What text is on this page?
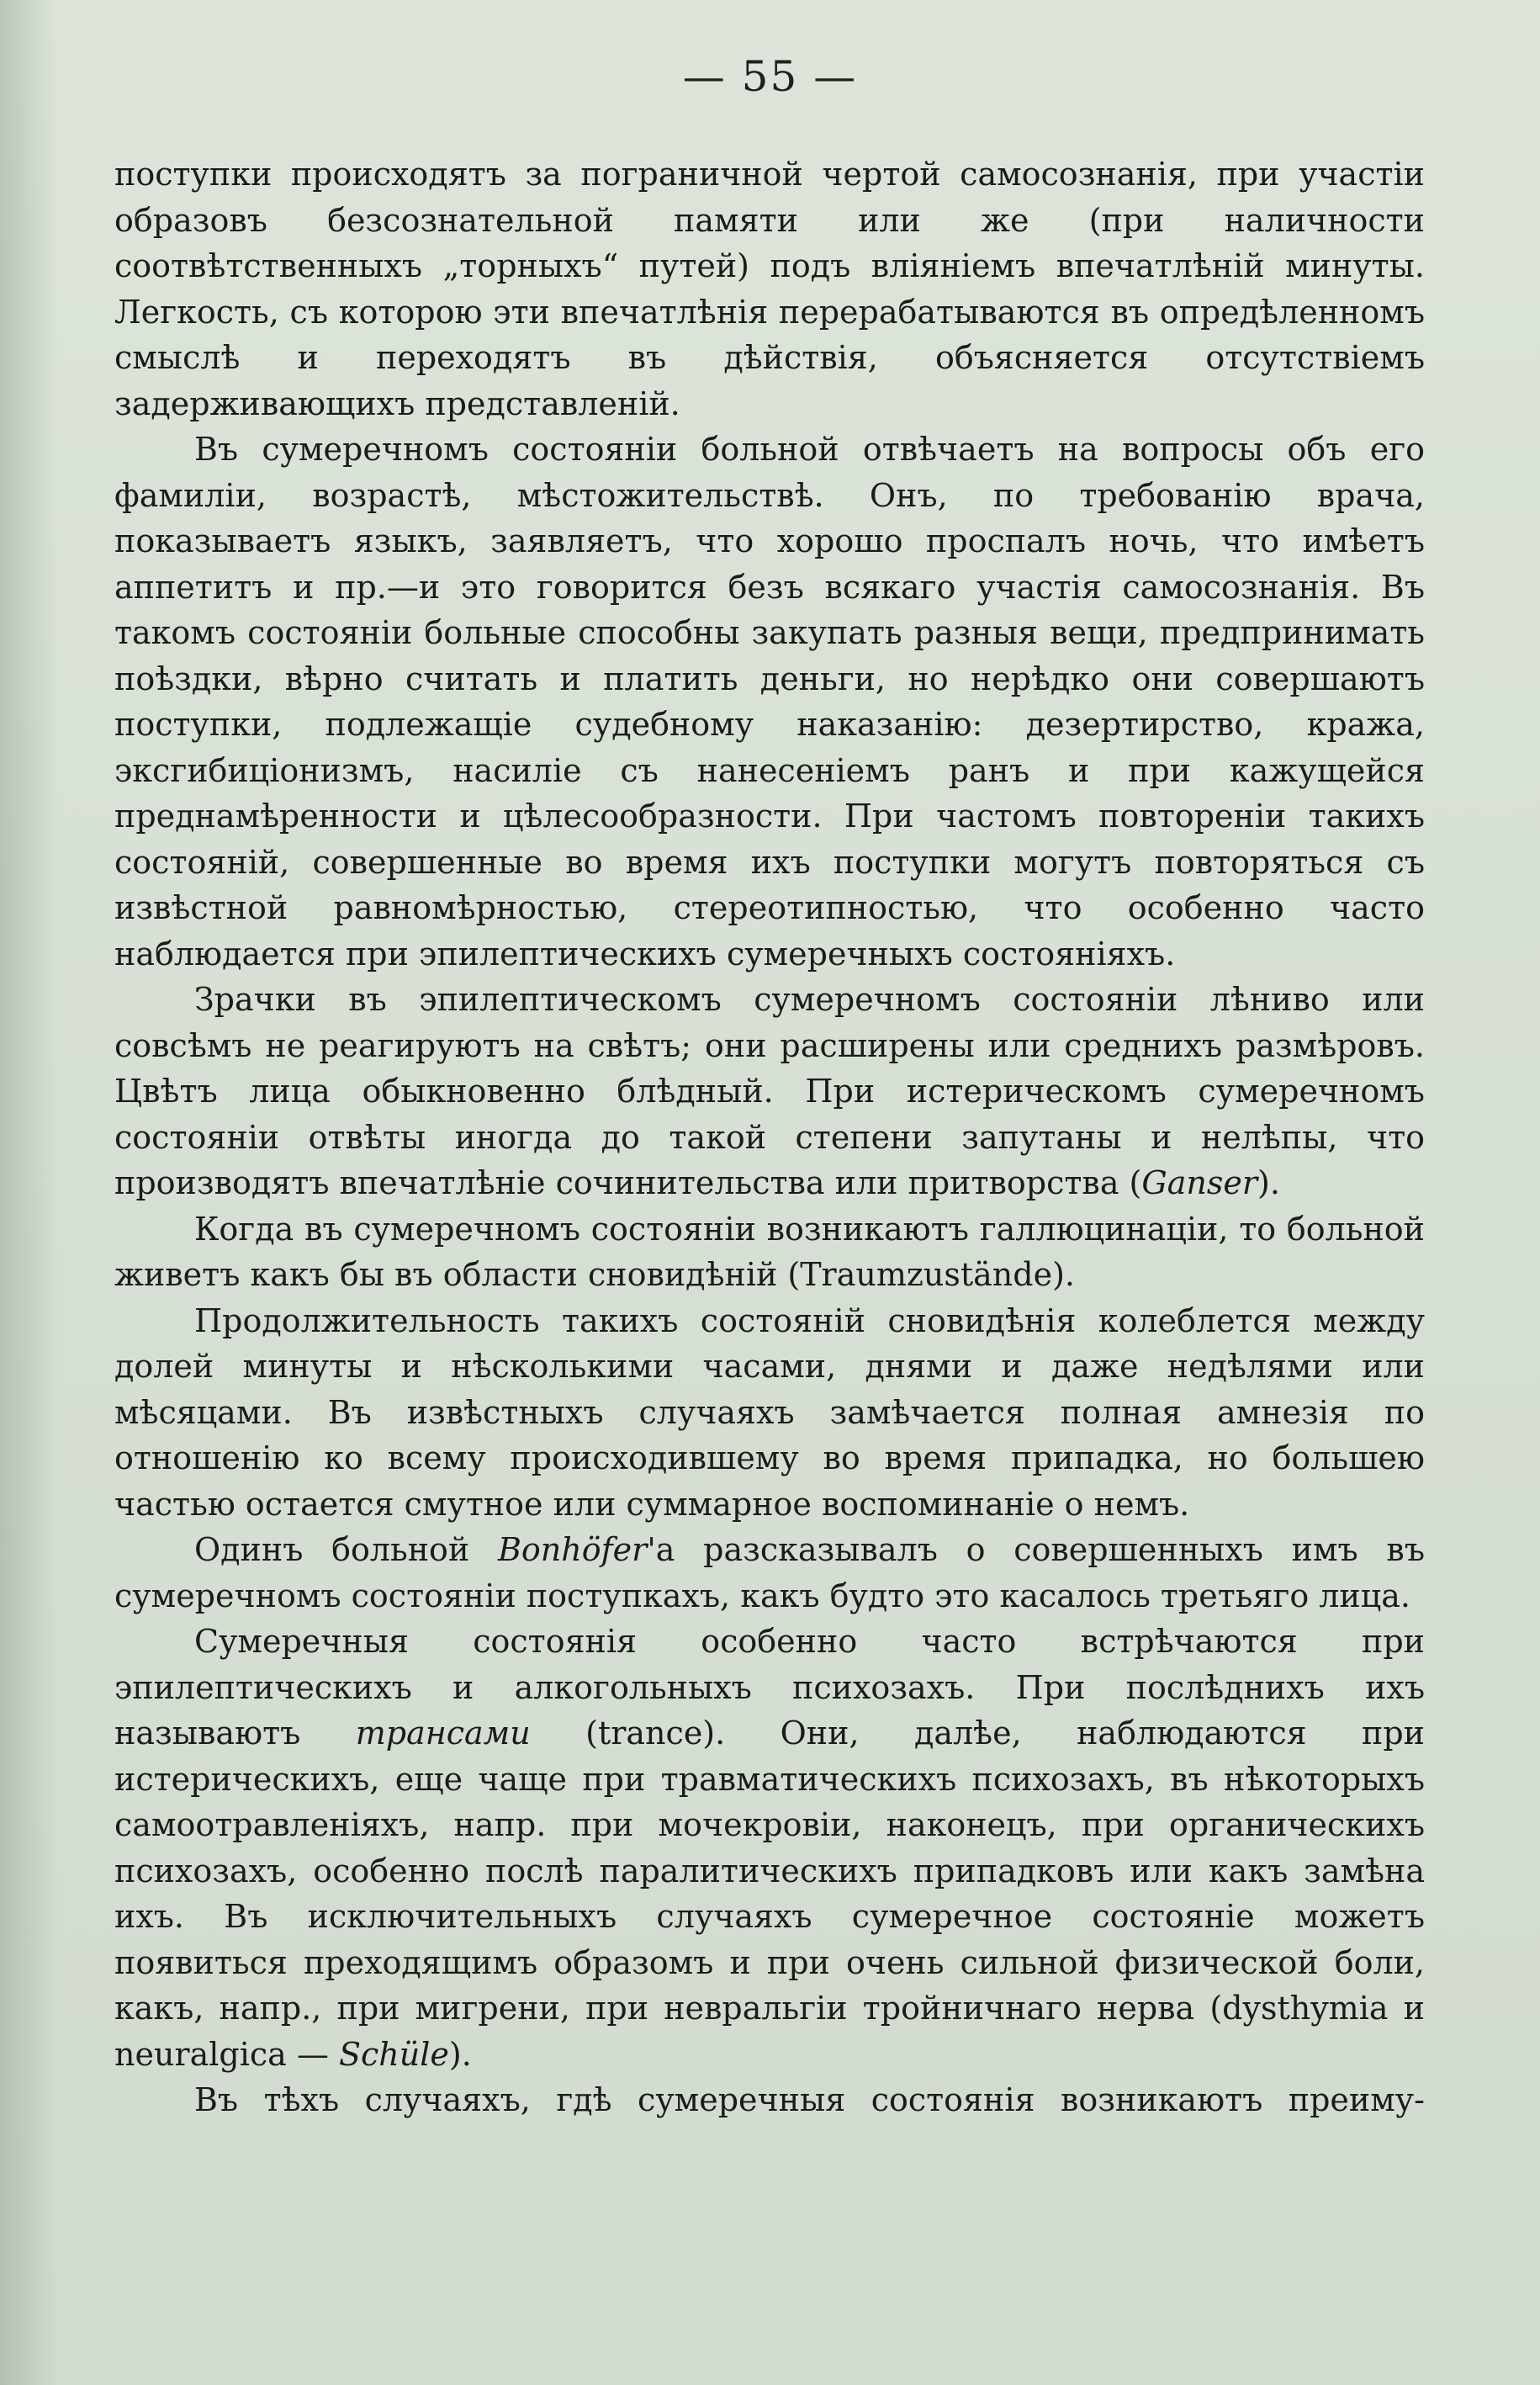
— 55 —

поступки происходятъ за пограничной чертой самосознанія, при участіи образовъ безсознательной памяти или же (при наличности соотвѣтственныхъ „торныхъ“ путей) подъ вліяніемъ впечатлѣній минуты. Легкость, съ которою эти впечатлѣнія перерабатываются въ опредѣленномъ смыслѣ и переходятъ въ дѣйствія, объясняется отсутствіемъ задерживающихъ представленій.

Въ сумеречномъ состояніи больной отвѣчаетъ на вопросы объ его фамиліи, возрастѣ, мѣстожительствѣ. Онъ, по требованію врача, показываетъ языкъ, заявляетъ, что хорошо проспалъ ночь, что имѣетъ аппетитъ и пр.—и это говорится безъ всякаго участія самосознанія. Въ такомъ состояніи больные способны закупать разныя вещи, предпринимать поѣздки, вѣрно считать и платить деньги, но нерѣдко они совершаютъ поступки, подлежащіе судебному наказанію: дезертирство, кража, эксгибиціонизмъ, насиліе съ нанесеніемъ ранъ и при кажущейся преднамѣренности и цѣлесообразности. При частомъ повтореніи такихъ состояній, совершенные во время ихъ поступки могутъ повторяться съ извѣстной равномѣрностью, стереотипностью, что особенно часто наблюдается при эпилептическихъ сумеречныхъ состояніяхъ.

Зрачки въ эпилептическомъ сумеречномъ состояніи лѣниво или совсѣмъ не реагируютъ на свѣтъ; они расширены или среднихъ размѣровъ. Цвѣтъ лица обыкновенно блѣдный. При истерическомъ сумеречномъ состояніи отвѣты иногда до такой степени запутаны и нелѣпы, что производятъ впечатлѣніе сочинительства или притворства (Ganser).

Когда въ сумеречномъ состояніи возникаютъ галлюцинаціи, то больной живетъ какъ бы въ области сновидѣній (Traumzustände).

Продолжительность такихъ состояній сновидѣнія колеблется между долей минуты и нѣсколькими часами, днями и даже недѣлями или мѣсяцами. Въ извѣстныхъ случаяхъ замѣчается полная амнезія по отношенію ко всему происходившему во время припадка, но большею частью остается смутное или суммарное воспоминаніе о немъ.

Одинъ больной Bonhöfer'а разсказывалъ о совершенныхъ имъ въ сумеречномъ состояніи поступкахъ, какъ будто это касалось третьяго лица.

Сумеречныя состоянія особенно часто встрѣчаются при эпилептическихъ и алкогольныхъ психозахъ. При послѣднихъ ихъ называютъ трансами (trance). Они, далѣе, наблюдаются при истерическихъ, еще чаще при травматическихъ психозахъ, въ нѣкоторыхъ самоотравленіяхъ, напр. при мочекровіи, наконецъ, при органическихъ психозахъ, особенно послѣ паралитическихъ припадковъ или какъ замѣна ихъ. Въ исключительныхъ случаяхъ сумеречное состояніе можетъ появиться преходящимъ образомъ и при очень сильной физической боли, какъ, напр., при мигрени, при невральгіи тройничнаго нерва (dysthymia и neuralgica — Schüle).

Въ тѣхъ случаяхъ, гдѣ сумеречныя состоянія возникаютъ преиму-
